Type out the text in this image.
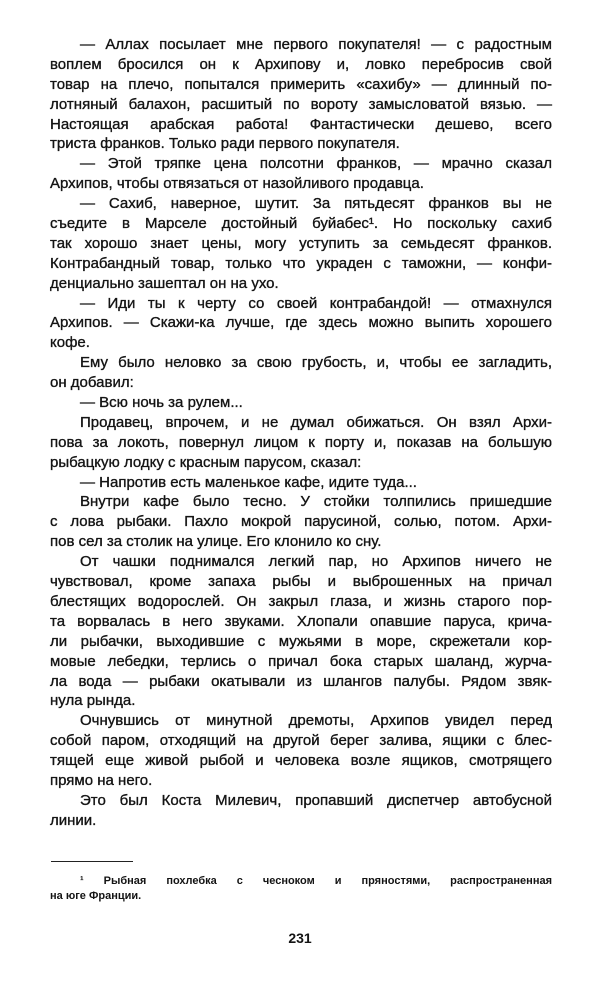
— Аллах посылает мне первого покупателя! — с радостным
воплем бросился он к Архипову и, ловко перебросив свой
товар на плечо, попытался примерить «сахибу» — длинный по-
лотняный балахон, расшитый по вороту замысловатой вязью. —
Настоящая арабская работа! Фантастически дешево, всего
триста франков. Только ради первого покупателя.
— Этой тряпке цена полсотни франков, — мрачно сказал
Архипов, чтобы отвязаться от назойливого продавца.
— Сахиб, наверное, шутит. За пятьдесят франков вы не
съедите в Марселе достойный буйабес¹. Но поскольку сахиб
так хорошо знает цены, могу уступить за семьдесят франков.
Контрабандный товар, только что украден с таможни, — конфи-
денциально зашептал он на ухо.
— Иди ты к черту со своей контрабандой! — отмахнулся
Архипов. — Скажи-ка лучше, где здесь можно выпить хорошего
кофе.
Ему было неловко за свою грубость, и, чтобы ее загладить,
он добавил:
— Всю ночь за рулем...
Продавец, впрочем, и не думал обижаться. Он взял Архи-
пова за локоть, повернул лицом к порту и, показав на большую
рыбацкую лодку с красным парусом, сказал:
— Напротив есть маленькое кафе, идите туда...
Внутри кафе было тесно. У стойки толпились пришедшие
с лова рыбаки. Пахло мокрой парусиной, солью, потом. Архи-
пов сел за столик на улице. Его клонило ко сну.
От чашки поднимался легкий пар, но Архипов ничего не
чувствовал, кроме запаха рыбы и выброшенных на причал
блестящих водорослей. Он закрыл глаза, и жизнь старого пор-
та ворвалась в него звуками. Хлопали опавшие паруса, крича-
ли рыбачки, выходившие с мужьями в море, скрежетали кор-
мовые лебедки, терлись о причал бока старых шаланд, журча-
ла вода — рыбаки окатывали из шлангов палубы. Рядом звяк-
нула рында.
Очнувшись от минутной дремоты, Архипов увидел перед
собой паром, отходящий на другой берег залива, ящики с блес-
тящей еще живой рыбой и человека возле ящиков, смотрящего
прямо на него.
Это был Коста Милевич, пропавший диспетчер автобусной
линии.
¹ Рыбная похлебка с чесноком и пряностями, распространенная
на юге Франции.
231
